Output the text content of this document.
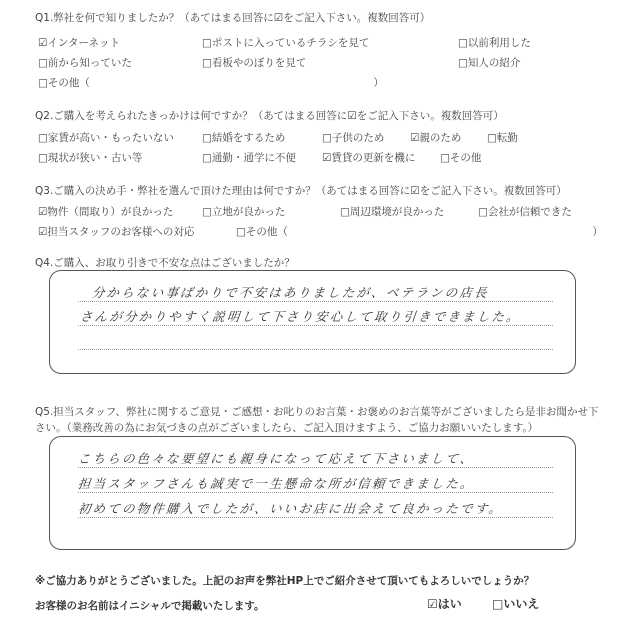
Q1.弊社を何で知りましたか？（あてはまる回答に☑をご記入下さい。複数回答可）
☑インターネット	□ポストに入っているチラシを見て	□以前利用した
□前から知っていた	□看板やのぼりを見て	□知人の紹介
□その他（　　　　　　　　　　　　　　　　　　　　　　　　　　　）
Q2.ご購入を考えられたきっかけは何ですか？（あてはまる回答に☑をご記入下さい。複数回答可）
□家賃が高い・もったいない	□結婚をするため	□子供のため ☑親のため □転勤
□現状が狭い・古い等	□通勤・通学に不便 ☑賃貸の更新を機に □その他
Q3.ご購入の決め手・弊社を選んで頂けた理由は何ですか？（あてはまる回答に☑をご記入下さい。複数回答可）
☑物件（間取り）が良かった	□立地が良かった	□周辺環境が良かった	□会社が信頼できた
☑担当スタッフのお客様への対応	□その他（　　　　　　　　　　　　　　　　　　　　　　　　　　　　　）
Q4.ご購入、お取り引きで不安な点はございましたか？
分からない事ばかりで不安はありましたが、ベテランの店長
さんが分かりやすく説明して下さり安心して取り引きできました。
Q5.担当スタッフ、弊社に関するご意見・ご感想・お叱りのお言葉・お褒めのお言葉等がございましたら是非お聞かせ下
さい。（業務改善の為にお気づきの点がございましたら、ご記入頂けますよう、ご協力お願いいたします。）
こちらの色々な要望にも親身になって応えて下さいまして、
担当スタッフさんも誠実で一生懸命な所が信頼できました。
初めての物件購入でしたが、いいお店に出会えて良かったです。
※ご協力ありがとうございました。上記のお声を弊社HP上でご紹介させて頂いてもよろしいでしょうか？
お客様のお名前はイニシャルで掲載いたします。	☑はい	□いいえ
